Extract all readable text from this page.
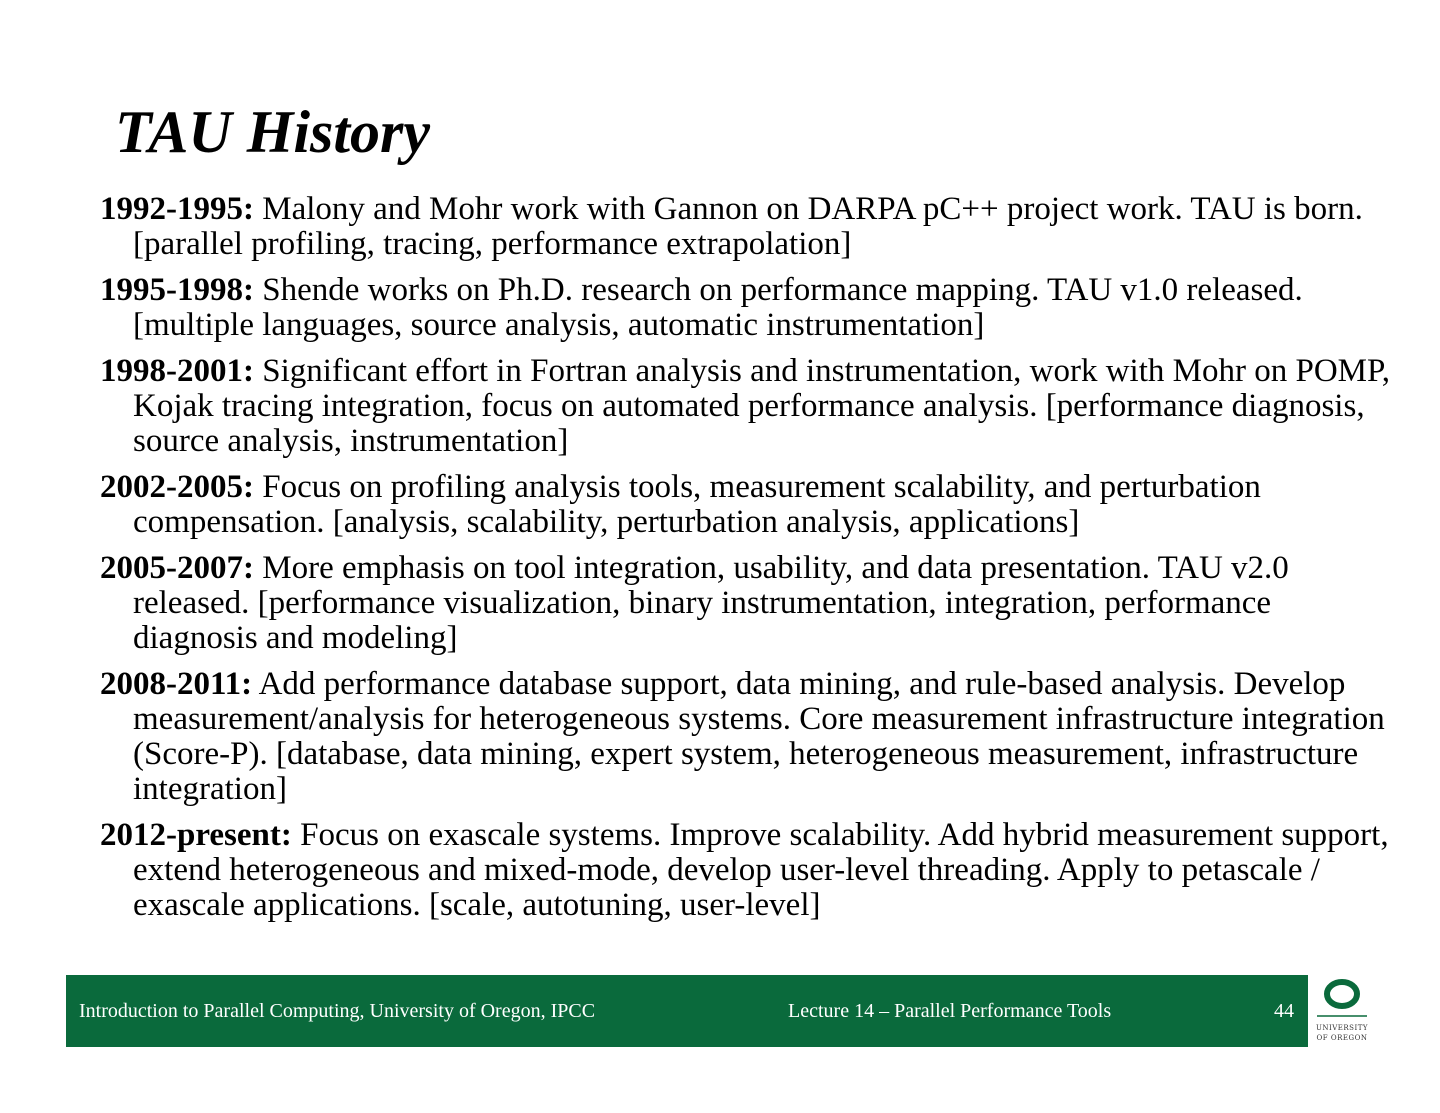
TAU History
1992-1995: Malony and Mohr work with Gannon on DARPA pC++ project work. TAU is born. [parallel profiling, tracing, performance extrapolation]
1995-1998: Shende works on Ph.D. research on performance mapping. TAU v1.0 released. [multiple languages, source analysis, automatic instrumentation]
1998-2001: Significant effort in Fortran analysis and instrumentation, work with Mohr on POMP, Kojak tracing integration, focus on automated performance analysis. [performance diagnosis, source analysis, instrumentation]
2002-2005: Focus on profiling analysis tools, measurement scalability, and perturbation compensation. [analysis, scalability, perturbation analysis, applications]
2005-2007: More emphasis on tool integration, usability, and data presentation. TAU v2.0 released. [performance visualization, binary instrumentation, integration, performance diagnosis and modeling]
2008-2011: Add performance database support, data mining, and rule-based analysis. Develop measurement/analysis for heterogeneous systems. Core measurement infrastructure integration (Score-P). [database, data mining, expert system, heterogeneous measurement, infrastructure integration]
2012-present: Focus on exascale systems. Improve scalability. Add hybrid measurement support, extend heterogeneous and mixed-mode, develop user-level threading. Apply to petascale / exascale applications. [scale, autotuning, user-level]
Introduction to Parallel Computing, University of Oregon, IPCC	Lecture 14 – Parallel Performance Tools	44
UNIVERSITY
OF OREGON
